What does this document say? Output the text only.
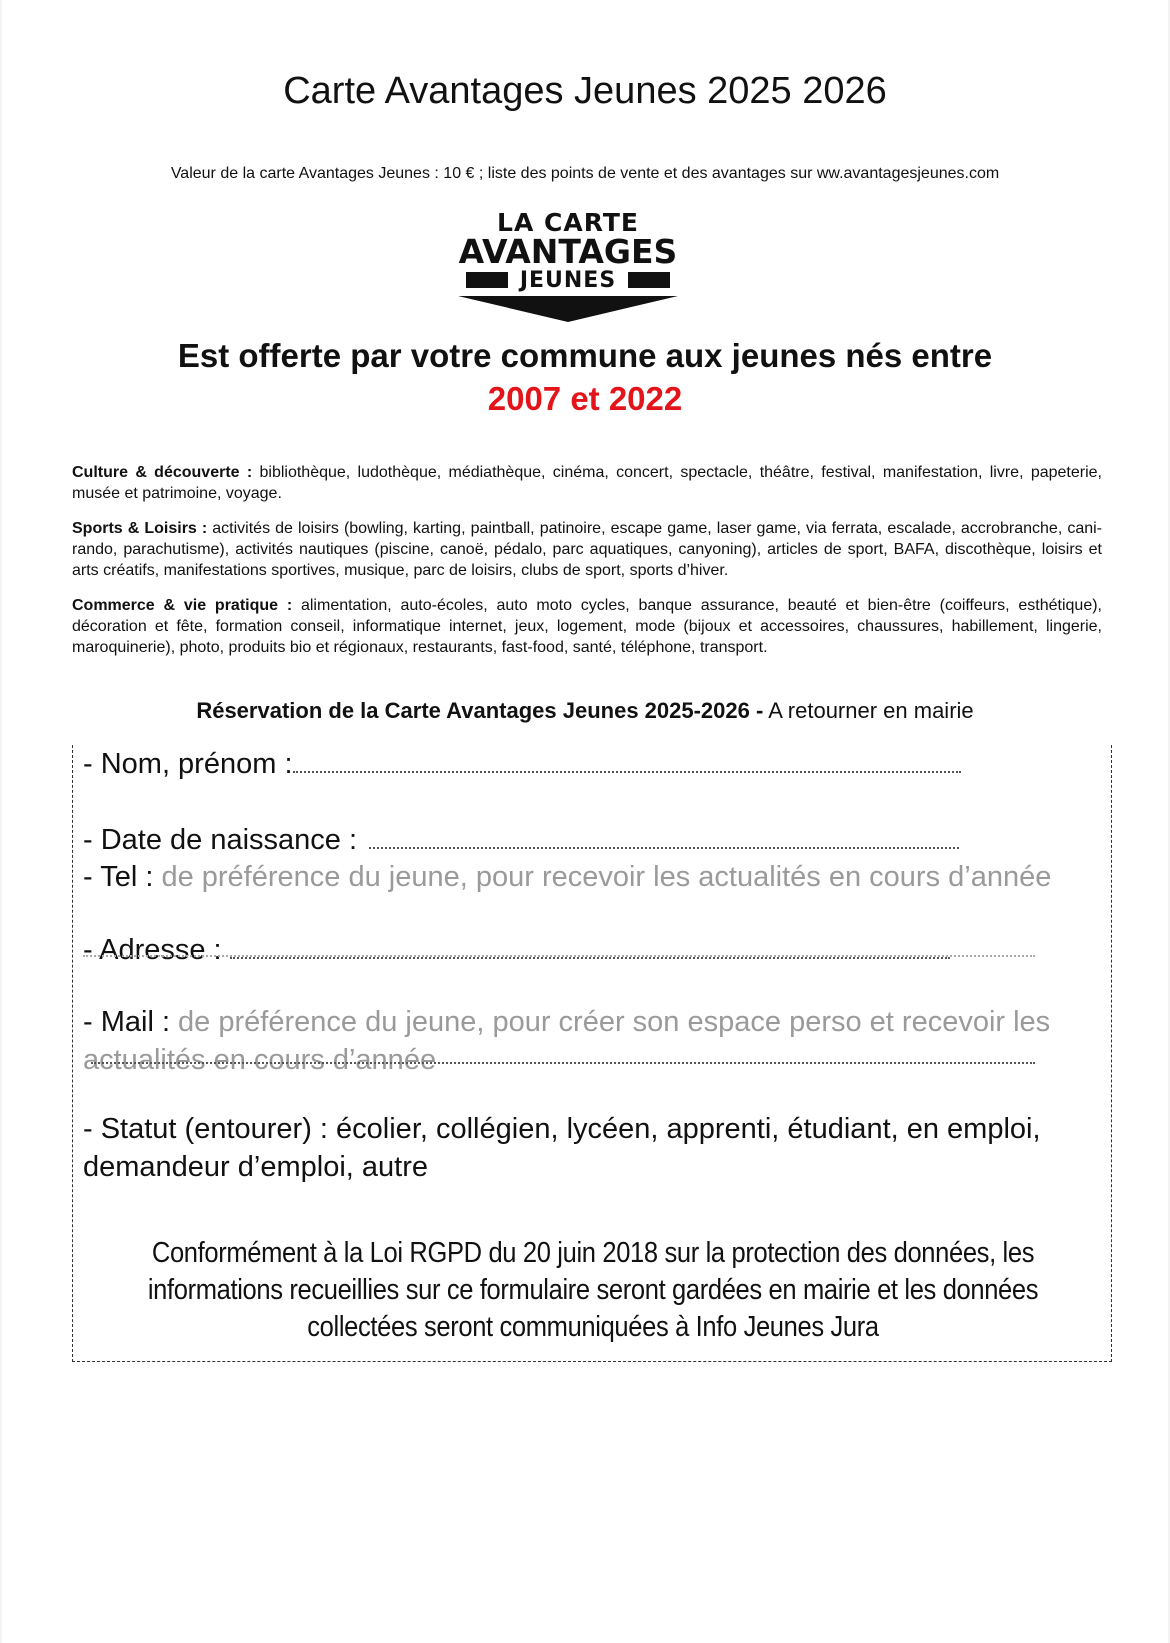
Carte Avantages Jeunes 2025 2026
Valeur de la carte Avantages Jeunes : 10 € ; liste des points de vente et des avantages sur ww.avantagesjeunes.com
LA CARTE
AVANTAGES
JEUNES
Est offerte par votre commune aux jeunes nés entre
2007 et 2022

Culture & découverte : bibliothèque, ludothèque, médiathèque, cinéma, concert, spectacle, théâtre, festival, manifestation, livre, papeterie, musée et patrimoine, voyage.

Sports & Loisirs : activités de loisirs (bowling, karting, paintball, patinoire, escape game, laser game, via ferrata, escalade, accrobranche, cani-rando, parachutisme), activités nautiques (piscine, canoë, pédalo, parc aquatiques, canyoning), articles de sport, BAFA, discothèque, loisirs et arts créatifs, manifestations sportives, musique, parc de loisirs, clubs de sport, sports d’hiver.

Commerce & vie pratique : alimentation, auto-écoles, auto moto cycles, banque assurance, beauté et bien-être (coiffeurs, esthétique), décoration et fête, formation conseil, informatique internet, jeux, logement, mode (bijoux et accessoires, chaussures, habillement, lingerie, maroquinerie), photo, produits bio et régionaux, restaurants, fast-food, santé, téléphone, transport.

Réservation de la Carte Avantages Jeunes 2025-2026 - A retourner en mairie
- Nom, prénom :
- Date de naissance :
- Tel : de préférence du jeune, pour recevoir les actualités en cours d’année
- Adresse :
- Mail : de préférence du jeune, pour créer son espace perso et recevoir les actualités en cours d’année
- Statut (entourer) : écolier, collégien, lycéen, apprenti, étudiant, en emploi, demandeur d’emploi, autre
Conformément à la Loi RGPD du 20 juin 2018 sur la protection des données, les informations recueillies sur ce formulaire seront gardées en mairie et les données collectées seront communiquées à Info Jeunes Jura
